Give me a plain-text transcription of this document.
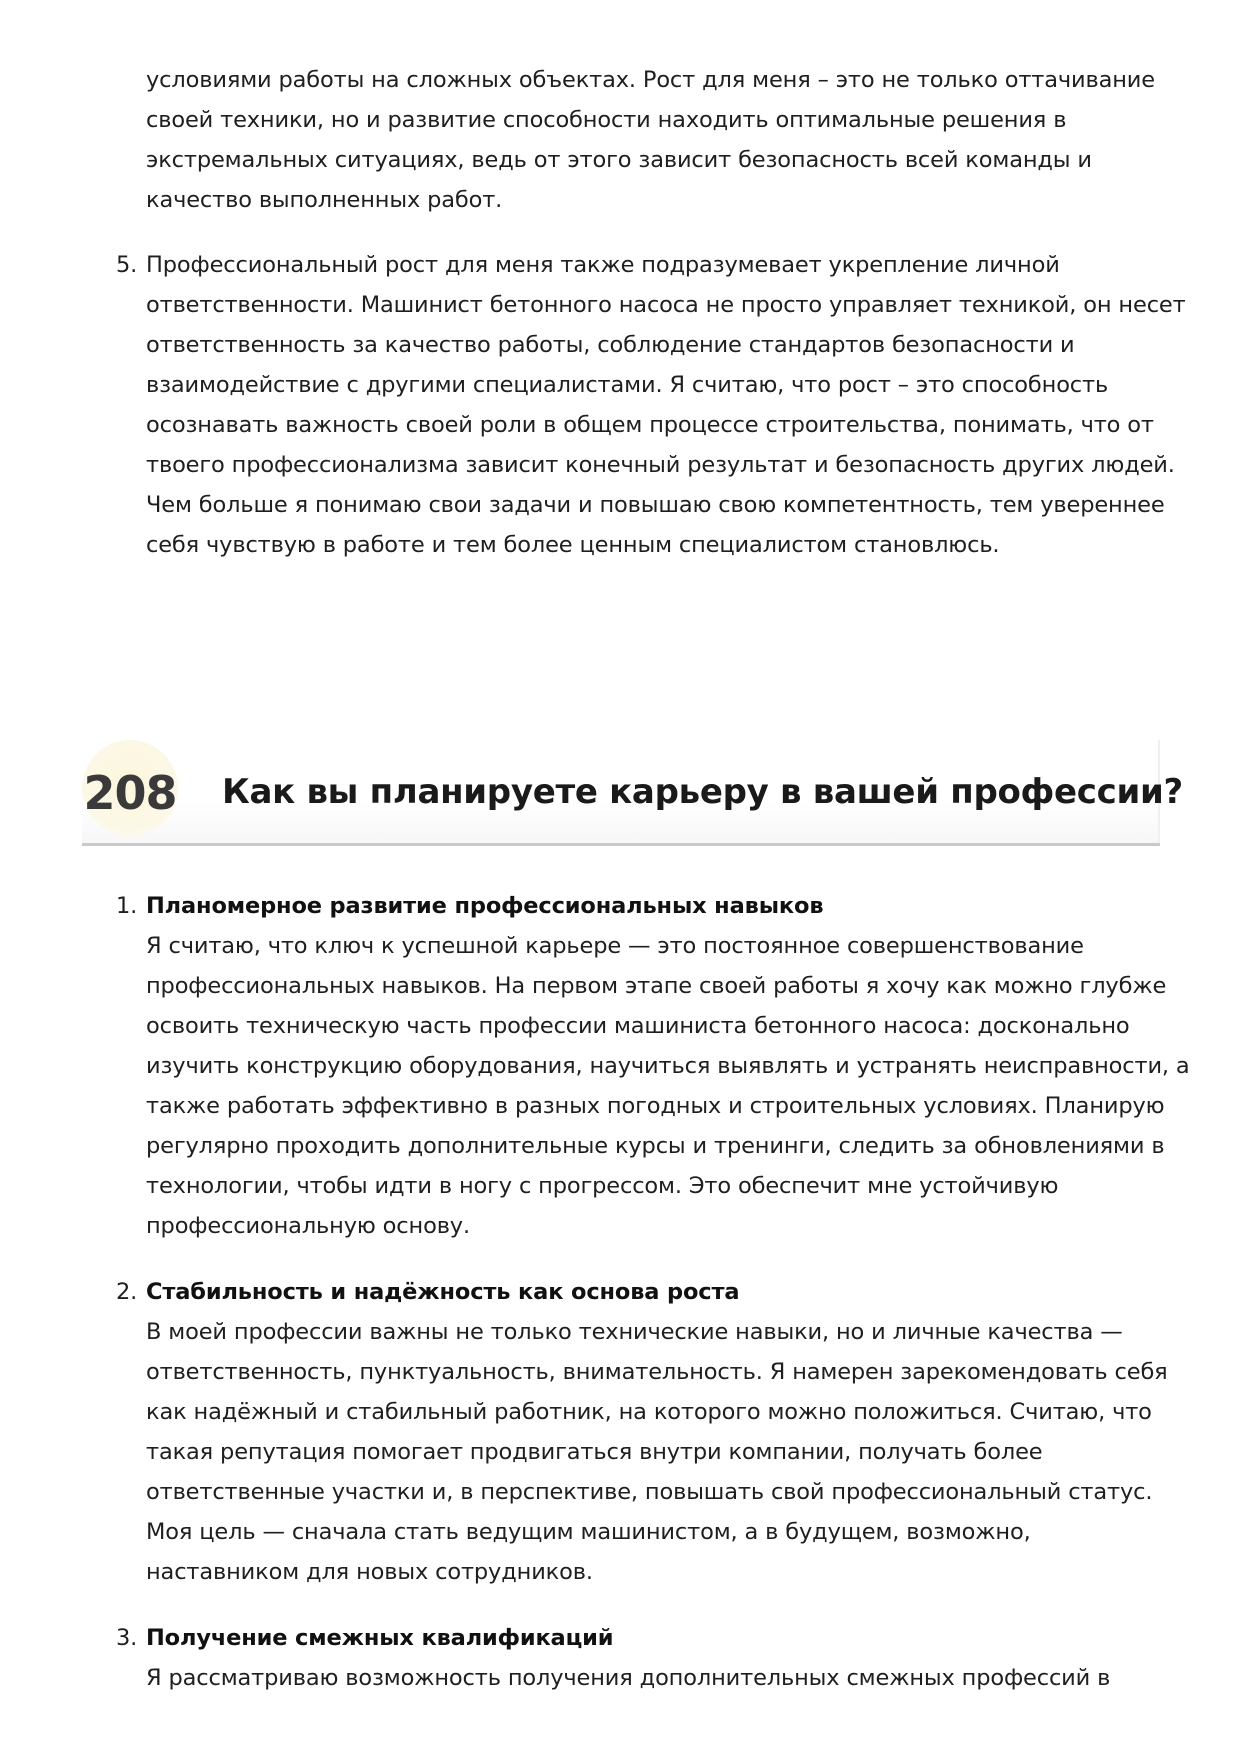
условиями работы на сложных объектах. Рост для меня – это не только оттачивание
своей техники, но и развитие способности находить оптимальные решения в
экстремальных ситуациях, ведь от этого зависит безопасность всей команды и
качество выполненных работ.
5. Профессиональный рост для меня также подразумевает укрепление личной
ответственности. Машинист бетонного насоса не просто управляет техникой, он несет
ответственность за качество работы, соблюдение стандартов безопасности и
взаимодействие с другими специалистами. Я считаю, что рост – это способность
осознавать важность своей роли в общем процессе строительства, понимать, что от
твоего профессионализма зависит конечный результат и безопасность других людей.
Чем больше я понимаю свои задачи и повышаю свою компетентность, тем увереннее
себя чувствую в работе и тем более ценным специалистом становлюсь.
208 Как вы планируете карьеру в вашей профессии?
1. Планомерное развитие профессиональных навыков
Я считаю, что ключ к успешной карьере — это постоянное совершенствование
профессиональных навыков. На первом этапе своей работы я хочу как можно глубже
освоить техническую часть профессии машиниста бетонного насоса: досконально
изучить конструкцию оборудования, научиться выявлять и устранять неисправности, а
также работать эффективно в разных погодных и строительных условиях. Планирую
регулярно проходить дополнительные курсы и тренинги, следить за обновлениями в
технологии, чтобы идти в ногу с прогрессом. Это обеспечит мне устойчивую
профессиональную основу.
2. Стабильность и надёжность как основа роста
В моей профессии важны не только технические навыки, но и личные качества —
ответственность, пунктуальность, внимательность. Я намерен зарекомендовать себя
как надёжный и стабильный работник, на которого можно положиться. Считаю, что
такая репутация помогает продвигаться внутри компании, получать более
ответственные участки и, в перспективе, повышать свой профессиональный статус.
Моя цель — сначала стать ведущим машинистом, а в будущем, возможно,
наставником для новых сотрудников.
3. Получение смежных квалификаций
Я рассматриваю возможность получения дополнительных смежных профессий в
